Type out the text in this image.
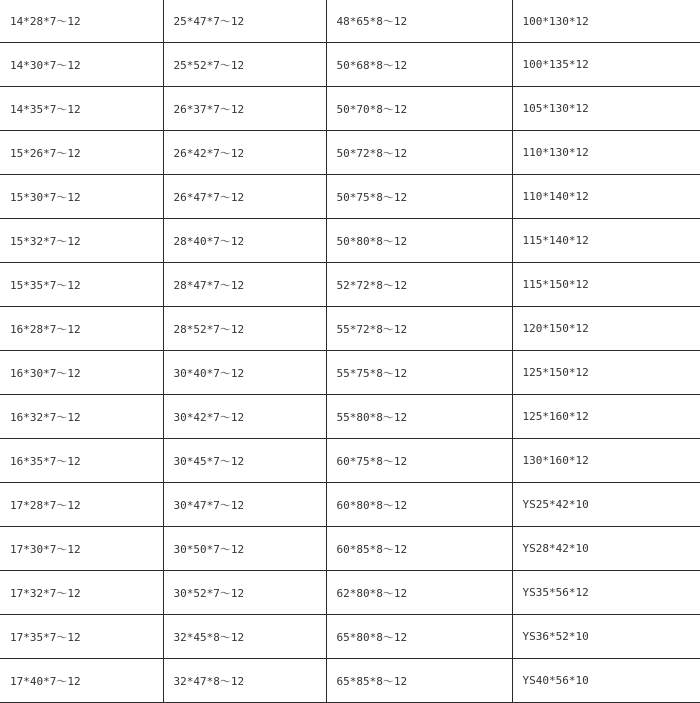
14*28*7～12	25*47*7～12	48*65*8～12	100*130*12
14*30*7～12	25*52*7～12	50*68*8～12	100*135*12
14*35*7～12	26*37*7～12	50*70*8～12	105*130*12
15*26*7～12	26*42*7～12	50*72*8～12	110*130*12
15*30*7～12	26*47*7～12	50*75*8～12	110*140*12
15*32*7～12	28*40*7～12	50*80*8～12	115*140*12
15*35*7～12	28*47*7～12	52*72*8～12	115*150*12
16*28*7～12	28*52*7～12	55*72*8～12	120*150*12
16*30*7～12	30*40*7～12	55*75*8～12	125*150*12
16*32*7～12	30*42*7～12	55*80*8～12	125*160*12
16*35*7～12	30*45*7～12	60*75*8～12	130*160*12
17*28*7～12	30*47*7～12	60*80*8～12	YS25*42*10
17*30*7～12	30*50*7～12	60*85*8～12	YS28*42*10
17*32*7～12	30*52*7～12	62*80*8～12	YS35*56*12
17*35*7～12	32*45*8～12	65*80*8～12	YS36*52*10
17*40*7～12	32*47*8～12	65*85*8～12	YS40*56*10
